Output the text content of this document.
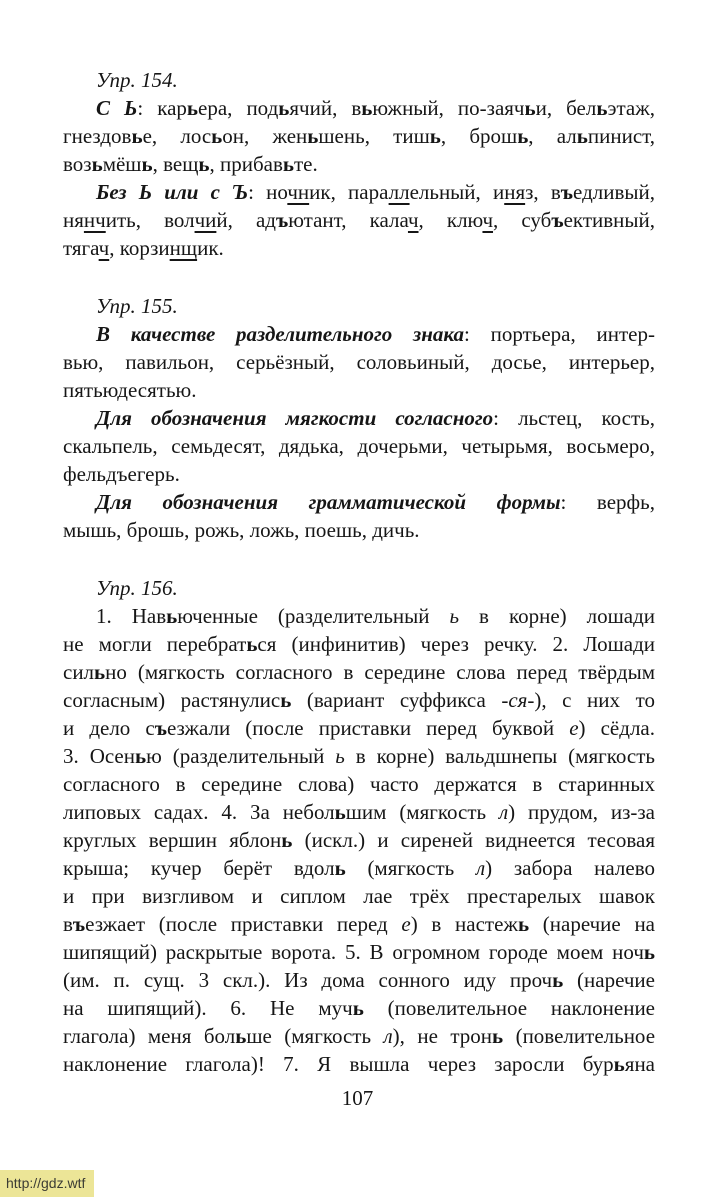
Упр. 154.
С Ь: карьера, подьячий, вьюжный, по-заячьи, бельэтаж,
гнездовье, лосьон, женьшень, тишь, брошь, альпинист,
возьмёшь, вещь, прибавьте.
Без Ь или с Ъ: ночник, параллельный, иняз, въедливый,
нянчить, волчий, адъютант, калач, ключ, субъективный,
тягач, корзинщик.
Упр. 155.
В качестве разделительного знака: портьера, интер-
вью, павильон, серьёзный, соловьиный, досье, интерьер,
пятьюдесятью.
Для обозначения мягкости согласного: льстец, кость,
скальпель, семьдесят, дядька, дочерьми, четырьмя, восьмеро,
фельдъегерь.
Для обозначения грамматической формы: верфь,
мышь, брошь, рожь, ложь, поешь, дичь.
Упр. 156.
1. Навьюченные (разделительный ь в корне) лошади
не могли перебраться (инфинитив) через речку. 2. Лошади
сильно (мягкость согласного в середине слова перед твёрдым
согласным) растянулись (вариант суффикса -ся-), с них то
и дело съезжали (после приставки перед буквой е) сёдла.
3. Осенью (разделительный ь в корне) вальдшнепы (мягкость
согласного в середине слова) часто держатся в старинных
липовых садах. 4. За небольшим (мягкость л) прудом, из-за
круглых вершин яблонь (искл.) и сиреней виднеется тесовая
крыша; кучер берёт вдоль (мягкость л) забора налево
и при визгливом и сиплом лае трёх престарелых шавок
въезжает (после приставки перед е) в настежь (наречие на
шипящий) раскрытые ворота. 5. В огромном городе моем ночь
(им. п. сущ. 3 скл.). Из дома сонного иду прочь (наречие
на шипящий). 6. Не мучь (повелительное наклонение
глагола) меня больше (мягкость л), не тронь (повелительное
наклонение глагола)! 7. Я вышла через заросли бурьяна
107
http://gdz.wtf
